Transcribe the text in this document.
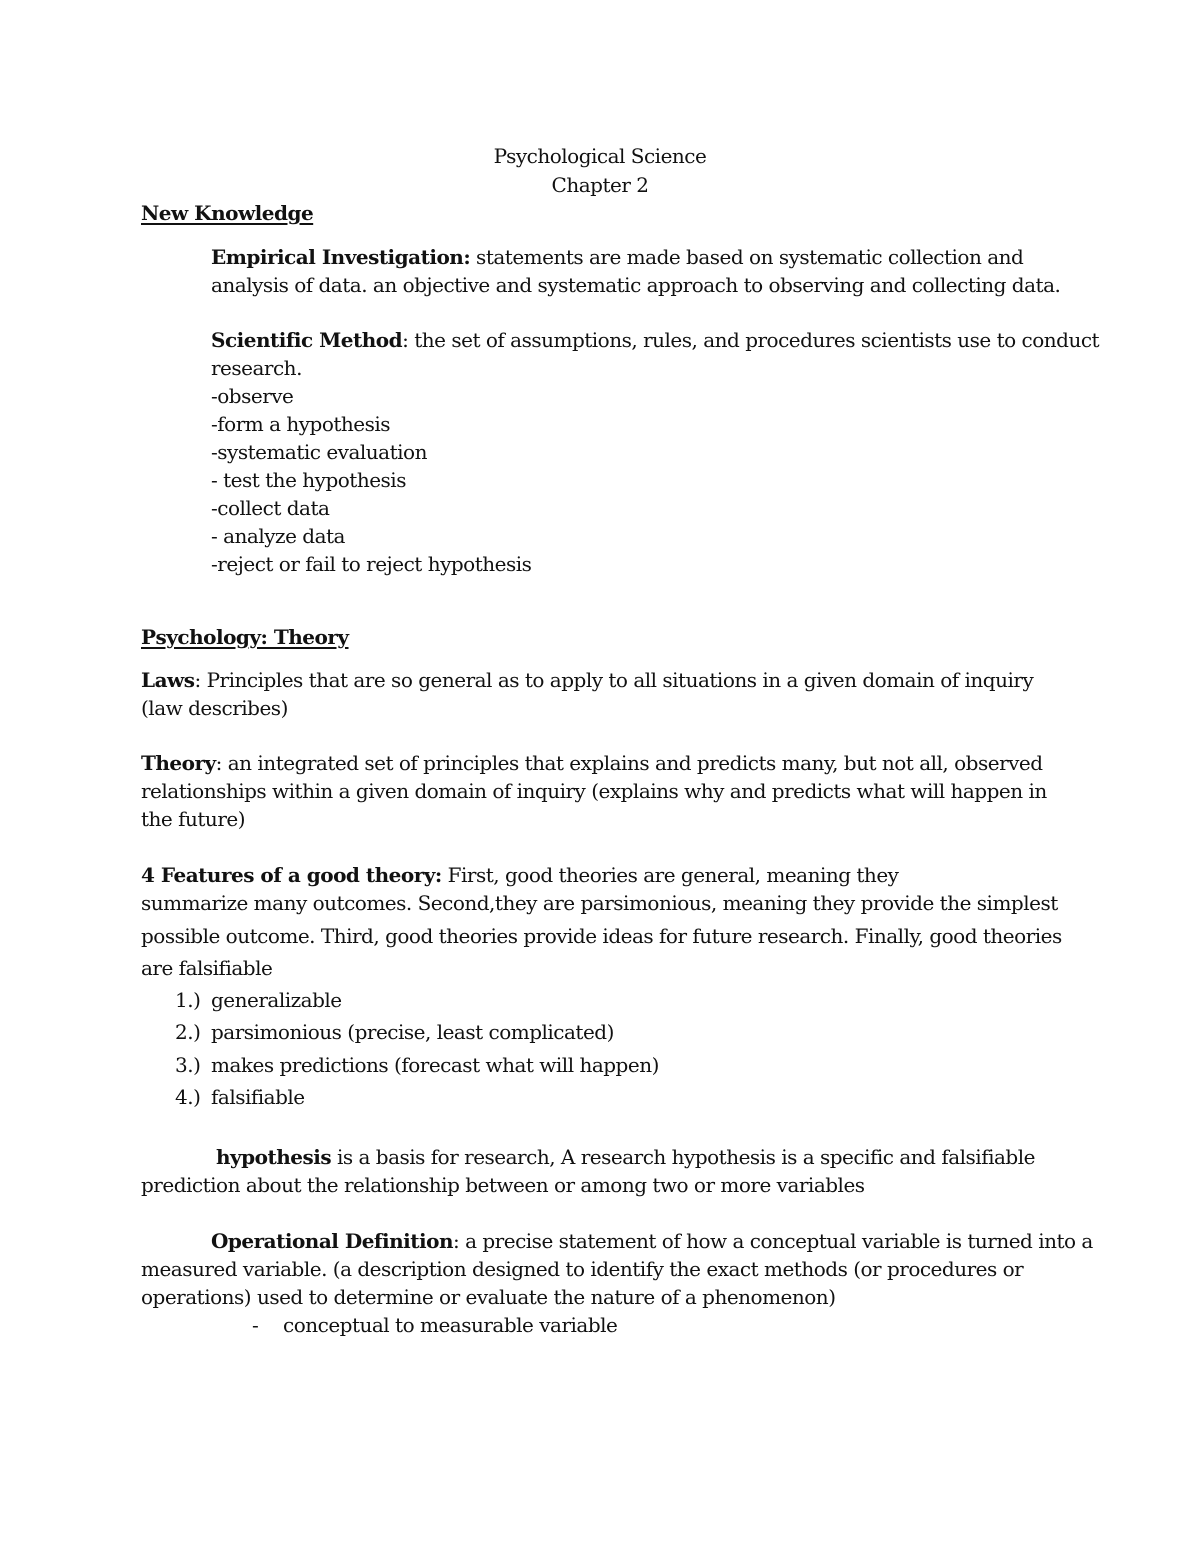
Psychological Science
Chapter 2
New Knowledge
Empirical Investigation: statements are made based on systematic collection and
analysis of data. an objective and systematic approach to observing and collecting data.
Scientific Method: the set of assumptions, rules, and procedures scientists use to conduct
research.
-observe
-form a hypothesis
-systematic evaluation
- test the hypothesis
-collect data
- analyze data
-reject or fail to reject hypothesis
Psychology: Theory
Laws: Principles that are so general as to apply to all situations in a given domain of inquiry
(law describes)
Theory: an integrated set of principles that explains and predicts many, but not all, observed
relationships within a given domain of inquiry (explains why and predicts what will happen in
the future)
4 Features of a good theory: First, good theories are general, meaning they
summarize many outcomes. Second,they are parsimonious, meaning they provide the simplest
possible outcome. Third, good theories provide ideas for future research. Finally, good theories
are falsifiable
1.) generalizable
2.) parsimonious (precise, least complicated)
3.) makes predictions (forecast what will happen)
4.) falsifiable
hypothesis is a basis for research, A research hypothesis is a specific and falsifiable
prediction about the relationship between or among two or more variables
Operational Definition: a precise statement of how a conceptual variable is turned into a
measured variable. (a description designed to identify the exact methods (or procedures or
operations) used to determine or evaluate the nature of a phenomenon)
- conceptual to measurable variable
